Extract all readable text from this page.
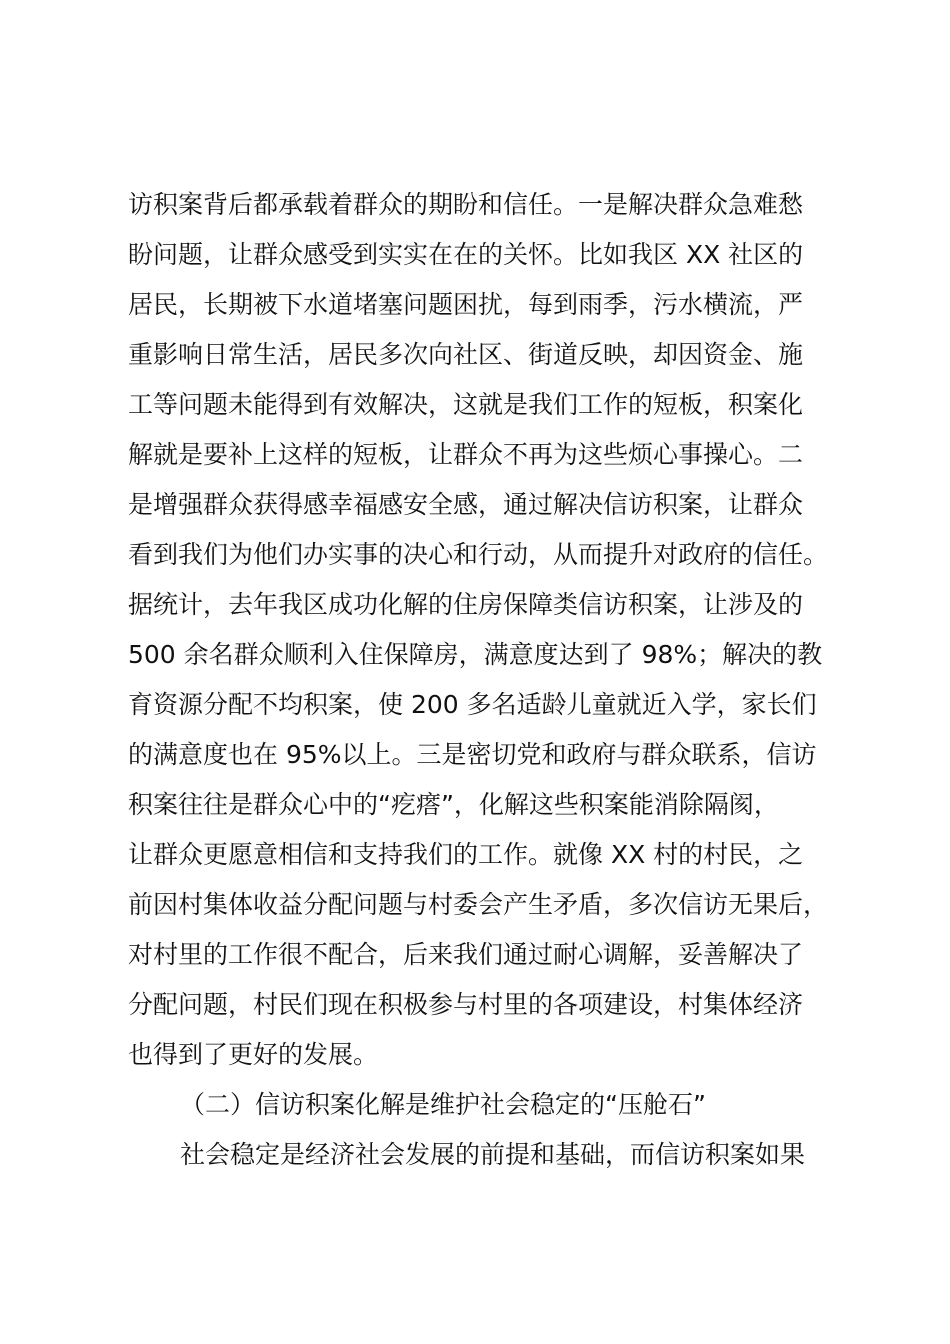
访积案背后都承载着群众的期盼和信任。一是解决群众急难愁
盼问题，让群众感受到实实在在的关怀。比如我区 XX 社区的
居民，长期被下水道堵塞问题困扰，每到雨季，污水横流，严
重影响日常生活，居民多次向社区、街道反映，却因资金、施
工等问题未能得到有效解决，这就是我们工作的短板，积案化
解就是要补上这样的短板，让群众不再为这些烦心事操心。二
是增强群众获得感幸福感安全感，通过解决信访积案，让群众
看到我们为他们办实事的决心和行动，从而提升对政府的信任。
据统计，去年我区成功化解的住房保障类信访积案，让涉及的
500 余名群众顺利入住保障房，满意度达到了 98%；解决的教
育资源分配不均积案，使 200 多名适龄儿童就近入学，家长们
的满意度也在 95%以上。三是密切党和政府与群众联系，信访
积案往往是群众心中的“疙瘩”，化解这些积案能消除隔阂，
让群众更愿意相信和支持我们的工作。就像 XX 村的村民，之
前因村集体收益分配问题与村委会产生矛盾，多次信访无果后，
对村里的工作很不配合，后来我们通过耐心调解，妥善解决了
分配问题，村民们现在积极参与村里的各项建设，村集体经济
也得到了更好的发展。
（二）信访积案化解是维护社会稳定的“压舱石”
社会稳定是经济社会发展的前提和基础，而信访积案如果
